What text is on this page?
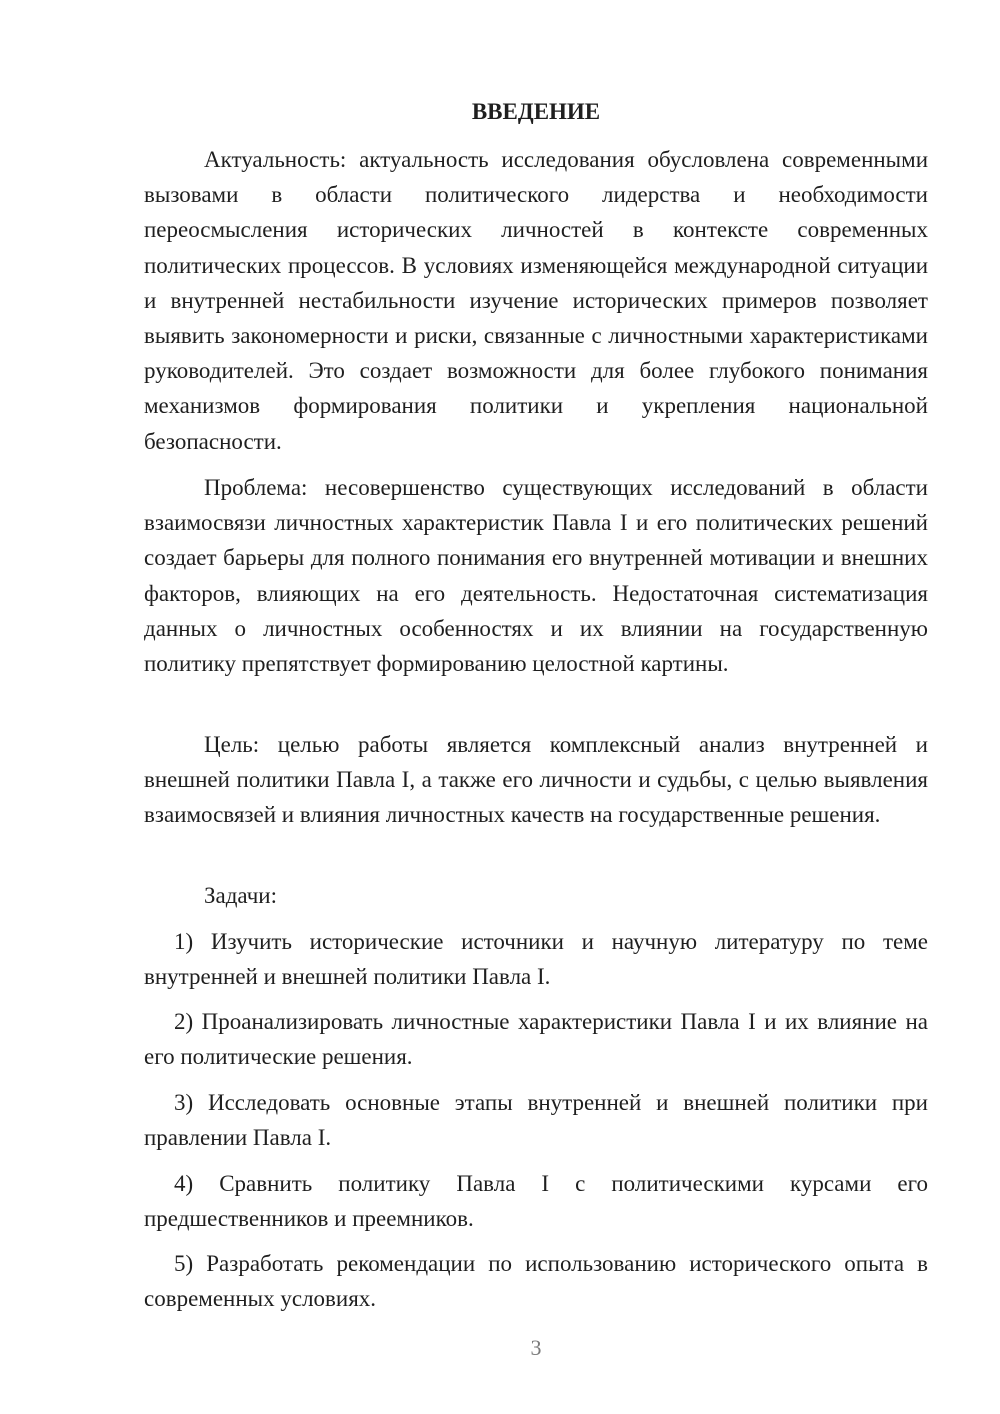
ВВЕДЕНИЕ

Актуальность: актуальность исследования обусловлена современными вызовами в области политического лидерства и необходимости переосмысления исторических личностей в контексте современных политических процессов. В условиях изменяющейся международной ситуации и внутренней нестабильности изучение исторических примеров позволяет выявить закономерности и риски, связанные с личностными характеристиками руководителей. Это создает возможности для более глубокого понимания механизмов формирования политики и укрепления национальной безопасности.

Проблема: несовершенство существующих исследований в области взаимосвязи личностных характеристик Павла I и его политических решений создает барьеры для полного понимания его внутренней мотивации и внешних факторов, влияющих на его деятельность. Недостаточная систематизация данных о личностных особенностях и их влиянии на государственную политику препятствует формированию целостной картины.

Цель: целью работы является комплексный анализ внутренней и внешней политики Павла I, а также его личности и судьбы, с целью выявления взаимосвязей и влияния личностных качеств на государственные решения.

Задачи:

1) Изучить исторические источники и научную литературу по теме внутренней и внешней политики Павла I.

2) Проанализировать личностные характеристики Павла I и их влияние на его политические решения.

3) Исследовать основные этапы внутренней и внешней политики при правлении Павла I.

4) Сравнить политику Павла I с политическими курсами его предшественников и преемников.

5) Разработать рекомендации по использованию исторического опыта в современных условиях.

3
